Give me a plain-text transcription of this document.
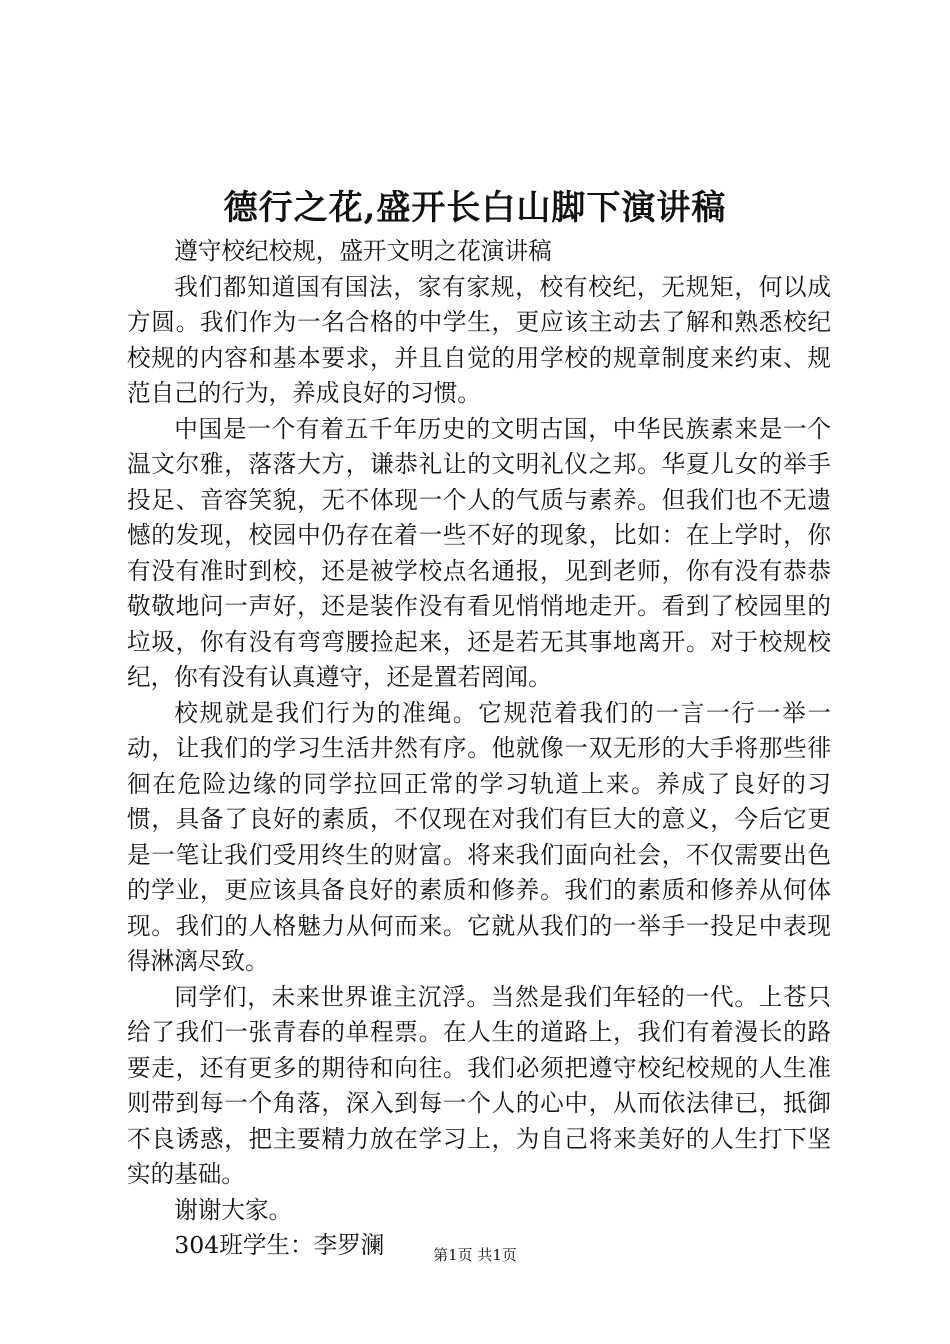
德行之花,盛开长白山脚下演讲稿

遵守校纪校规，盛开文明之花演讲稿

我们都知道国有国法，家有家规，校有校纪，无规矩，何以成方圆。我们作为一名合格的中学生，更应该主动去了解和熟悉校纪校规的内容和基本要求，并且自觉的用学校的规章制度来约束、规范自己的行为，养成良好的习惯。

中国是一个有着五千年历史的文明古国，中华民族素来是一个温文尔雅，落落大方，谦恭礼让的文明礼仪之邦。华夏儿女的举手投足、音容笑貌，无不体现一个人的气质与素养。但我们也不无遗憾的发现，校园中仍存在着一些不好的现象，比如：在上学时，你有没有准时到校，还是被学校点名通报，见到老师，你有没有恭恭敬敬地问一声好，还是装作没有看见悄悄地走开。看到了校园里的垃圾，你有没有弯弯腰捡起来，还是若无其事地离开。对于校规校纪，你有没有认真遵守，还是置若罔闻。

校规就是我们行为的准绳。它规范着我们的一言一行一举一动，让我们的学习生活井然有序。他就像一双无形的大手将那些徘徊在危险边缘的同学拉回正常的学习轨道上来。养成了良好的习惯，具备了良好的素质，不仅现在对我们有巨大的意义，今后它更是一笔让我们受用终生的财富。将来我们面向社会，不仅需要出色的学业，更应该具备良好的素质和修养。我们的素质和修养从何体现。我们的人格魅力从何而来。它就从我们的一举手一投足中表现得淋漓尽致。

同学们，未来世界谁主沉浮。当然是我们年轻的一代。上苍只给了我们一张青春的单程票。在人生的道路上，我们有着漫长的路要走，还有更多的期待和向往。我们必须把遵守校纪校规的人生准则带到每一个角落，深入到每一个人的心中，从而依法律已，抵御不良诱惑，把主要精力放在学习上，为自己将来美好的人生打下坚实的基础。

谢谢大家。

304班学生：李罗澜	第1页 共1页
